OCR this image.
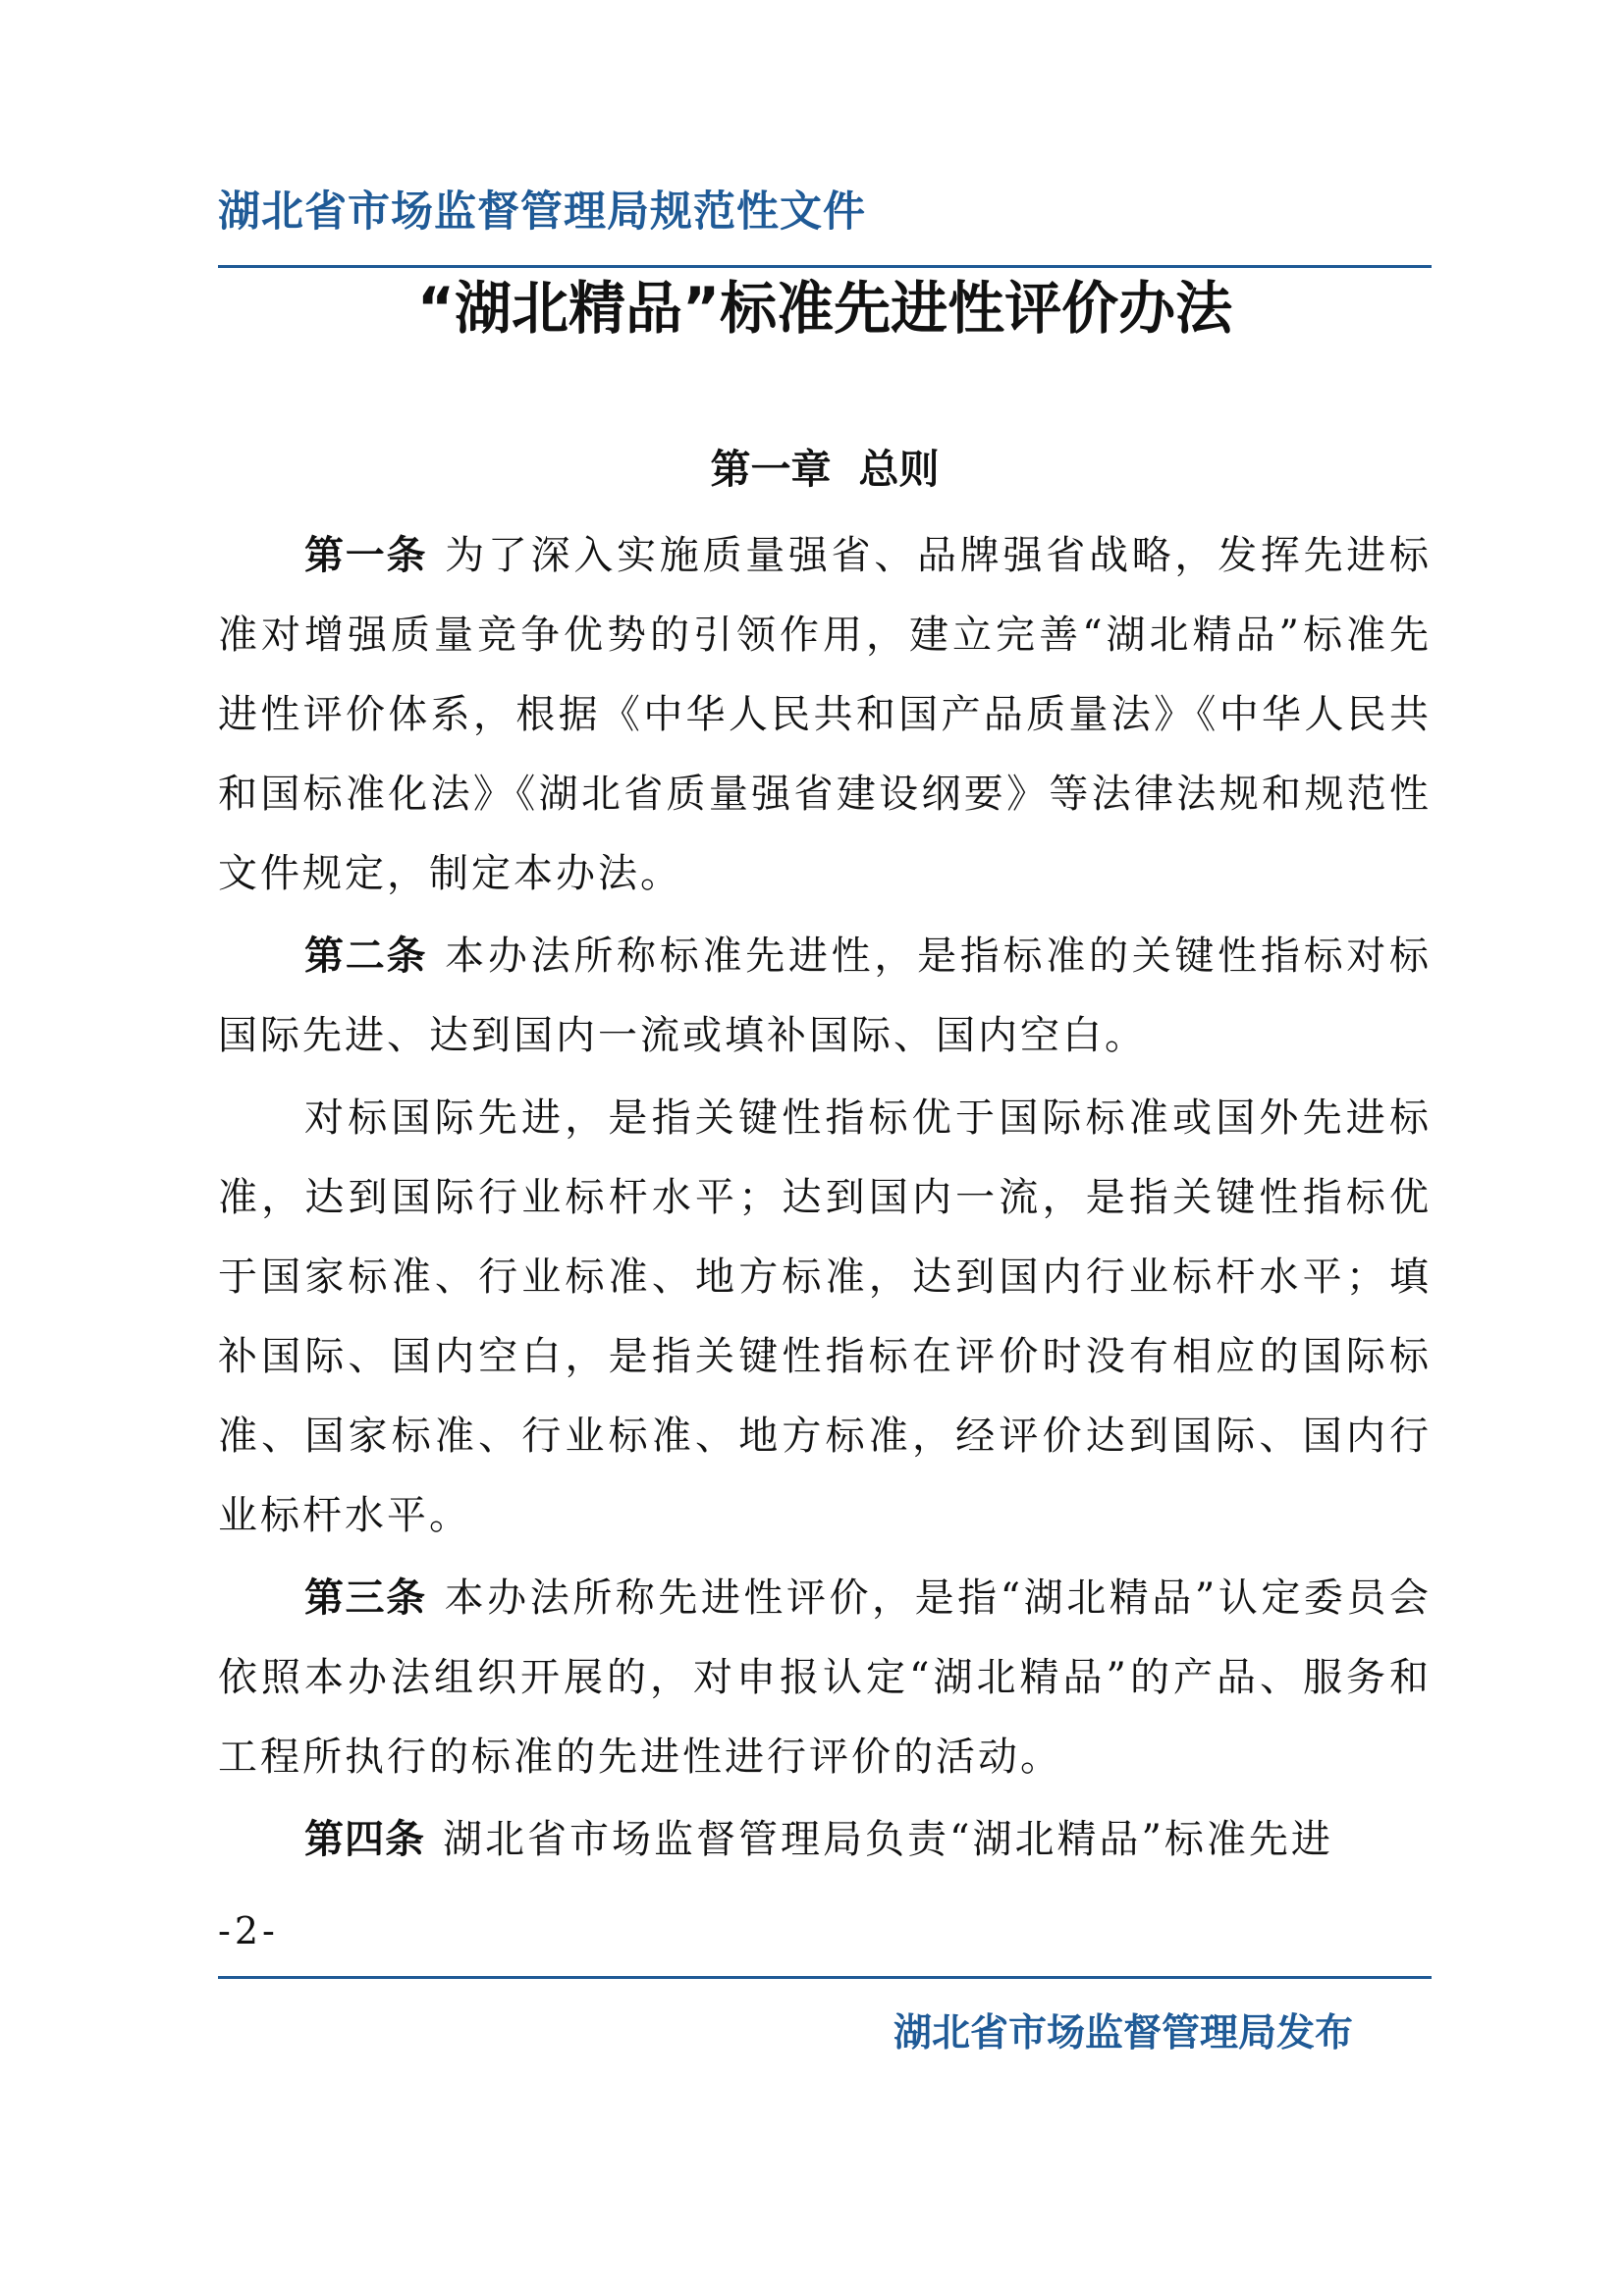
湖北省市场监督管理局规范性文件
“湖北精品”标准先进性评价办法
第一章 总则

第一条 为了深入实施质量强省、品牌强省战略，发挥先进标准对增强质量竞争优势的引领作用，建立完善“湖北精品”标准先进性评价体系，根据《中华人民共和国产品质量法》《中华人民共和国标准化法》《湖北省质量强省建设纲要》等法律法规和规范性文件规定，制定本办法。

第二条 本办法所称标准先进性，是指标准的关键性指标对标国际先进、达到国内一流或填补国际、国内空白。

对标国际先进，是指关键性指标优于国际标准或国外先进标准，达到国际行业标杆水平；达到国内一流，是指关键性指标优于国家标准、行业标准、地方标准，达到国内行业标杆水平；填补国际、国内空白，是指关键性指标在评价时没有相应的国际标准、国家标准、行业标准、地方标准，经评价达到国际、国内行业标杆水平。

第三条 本办法所称先进性评价，是指“湖北精品”认定委员会依照本办法组织开展的，对申报认定“湖北精品”的产品、服务和工程所执行的标准的先进性进行评价的活动。

第四条 湖北省市场监督管理局负责“湖北精品”标准先进

-2-
湖北省市场监督管理局发布
